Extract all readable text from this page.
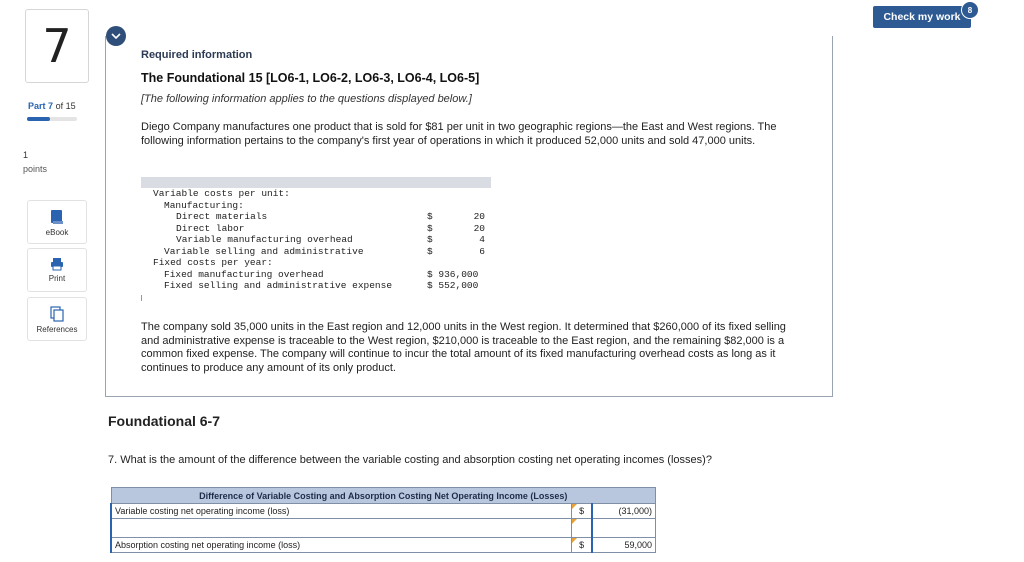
7
Part 7 of 15
1
points
eBook
Print
References
Required information
The Foundational 15 [LO6-1, LO6-2, LO6-3, LO6-4, LO6-5]
[The following information applies to the questions displayed below.]
Diego Company manufactures one product that is sold for $81 per unit in two geographic regions—the East and West regions. The following information pertains to the company's first year of operations in which it produced 52,000 units and sold 47,000 units.
Variable costs per unit:		
Manufacturing:		
Direct materials	$	20
Direct labor	$	20
Variable manufacturing overhead	$	4
Variable selling and administrative	$	6
Fixed costs per year:		
Fixed manufacturing overhead	$ 936,000	
Fixed selling and administrative expense	$ 552,000	
The company sold 35,000 units in the East region and 12,000 units in the West region. It determined that $260,000 of its fixed selling and administrative expense is traceable to the West region, $210,000 is traceable to the East region, and the remaining $82,000 is a common fixed expense. The company will continue to incur the total amount of its fixed manufacturing overhead costs as long as it continues to produce any amount of its only product.
Foundational 6-7
7. What is the amount of the difference between the variable costing and absorption costing net operating incomes (losses)?
Difference of Variable Costing and Absorption Costing Net Operating Income (Losses)		
Variable costing net operating income (loss)	$	(31,000)

Absorption costing net operating income (loss)	$	59,000
Check my work
8
